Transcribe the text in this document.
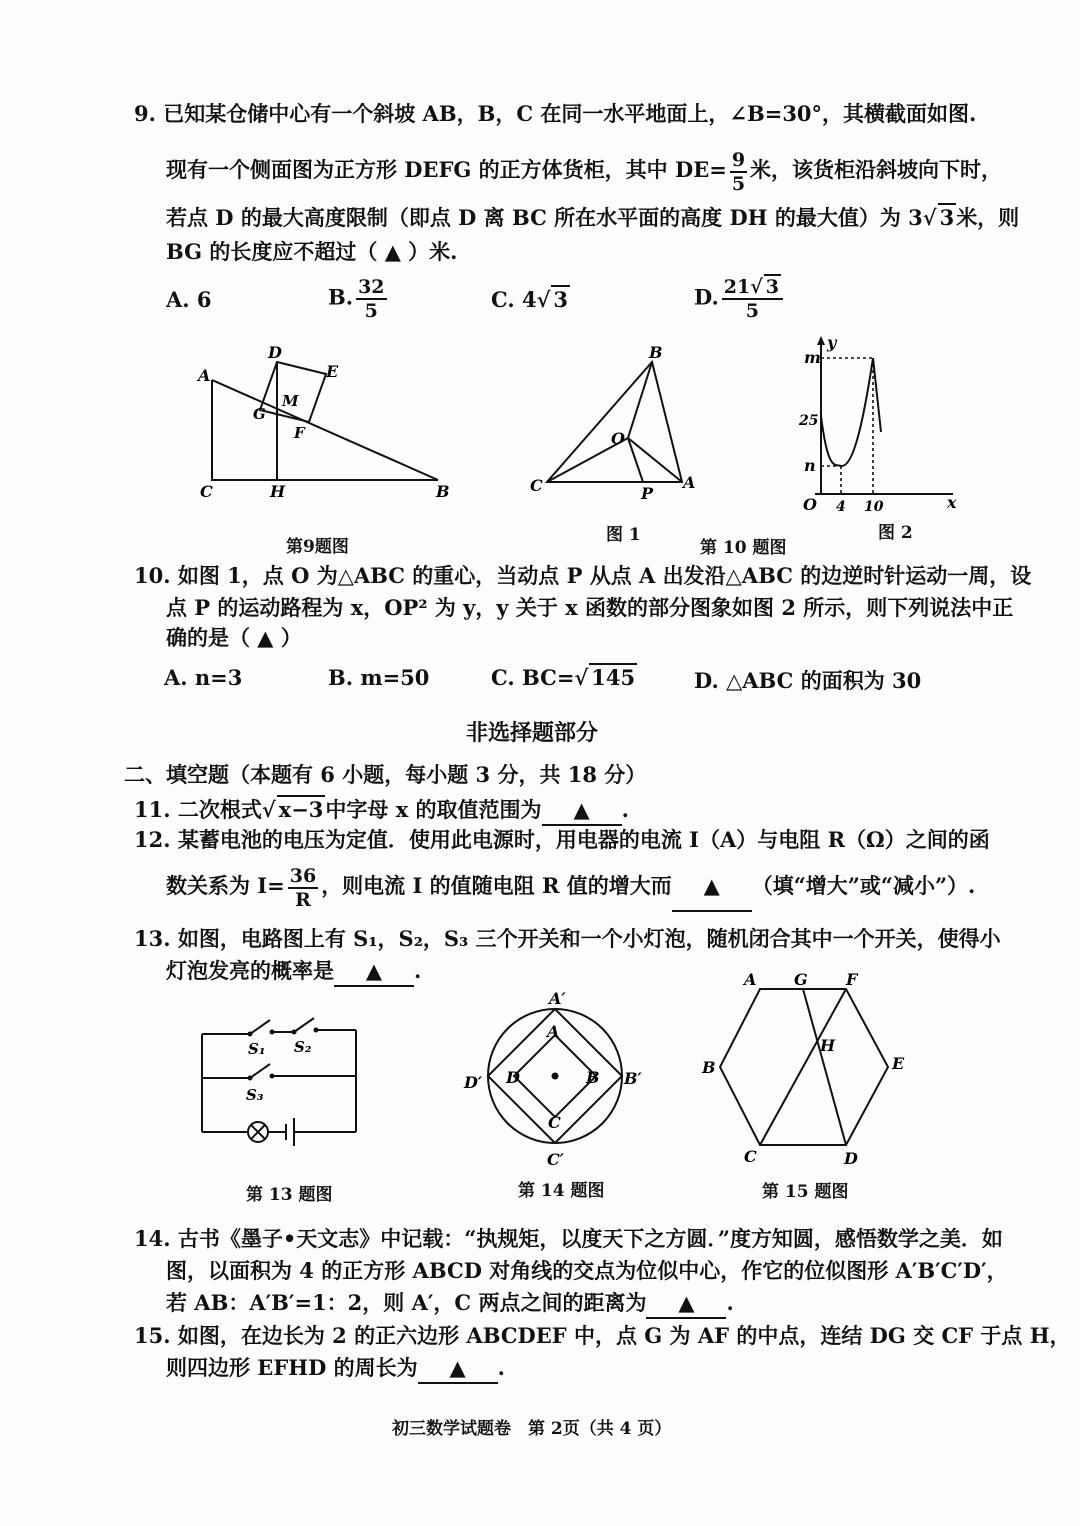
9. 已知某仓储中心有一个斜坡 AB，B，C 在同一水平地面上，∠B=30°，其横截面如图.
现有一个侧面图为正方形 DEFG 的正方体货柜，其中 $DE= \frac{9}{5}$ 米，该货柜沿斜坡向下时，
若点 D 的最大高度限制（即点 D 离 BC 所在水平面的高度 DH 的最大值）为 3√ 3米，则
BG 的长度应不超过（ ▲ ）米.
A. 6	B. $\frac{32}{5}$	C. 4√ 3	D. $\frac{21√ 3}{5}$
A
D
E
M
G
F
C	H	B
第9题图
B
O
C	P
A
图 1
y
m
25
n
O 4 10	x
图 2
第 10 题图
10. 如图 1，点 O 为△ABC 的重心，当动点 P 从点 A 出发沿△ABC 的边逆时针运动一周，设
点 P 的运动路程为 x，OP² 为 y，y 关于 x 函数的部分图象如图 2 所示，则下列说法中正
确的是（ ▲ ）
A. n=3	B. m=50	C. BC=√ 145	D. △ABC 的面积为 30
非选择题部分
二、填空题（本题有 6 小题，每小题 3 分，共 18 分）
11. 二次根式√ x−3中字母 x 的取值范围为 ▲ .
12. 某蓄电池的电压为定值．使用此电源时，用电器的电流 I（A）与电阻 R（Ω）之间的函
数关系为 $I= \frac{36}{R}$ ，则电流 I 的值随电阻 R 值的增大而 ▲ （填“增大”或“减小”）.
13. 如图，电路图上有 S₁，S₂，S₃ 三个开关和一个小灯泡，随机闭合其中一个开关，使得小
灯泡发亮的概率是 ▲ .
S₁ S₂
S₃
第 13 题图
A′
A
D′ D	B B′
C
C′
第 14 题图
A G F
H
B	E
C	D
第 15 题图
14. 古书《墨子•天文志》中记载：“执规矩，以度天下之方圆．”度方知圆，感悟数学之美．如
图，以面积为 4 的正方形 ABCD 对角线的交点为位似中心，作它的位似图形 A′B′C′D′，
若 AB：A′B′=1：2，则 A′，C 两点之间的距离为 ▲ .
15. 如图，在边长为 2 的正六边形 ABCDEF 中，点 G 为 AF 的中点，连结 DG 交 CF 于点 H，
则四边形 EFHD 的周长为 ▲ .
初三数学试题卷　第 2页（共 4 页）
